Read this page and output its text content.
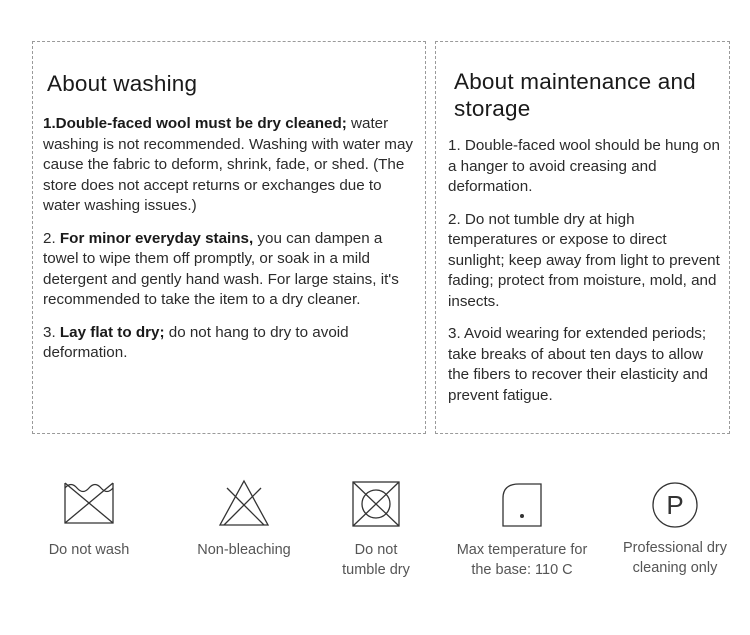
About washing
1.Double-faced wool must be dry cleaned; water washing is not recommended. Washing with water may cause the fabric to deform, shrink, fade, or shed. (The store does not accept returns or exchanges due to water washing issues.)
2. For minor everyday stains, you can dampen a towel to wipe them off promptly, or soak in a mild detergent and gently hand wash. For large stains, it's recommended to take the item to a dry cleaner.
3. Lay flat to dry; do not hang to dry to avoid deformation.
About maintenance and storage
1. Double-faced wool should be hung on a hanger to avoid creasing and deformation.
2. Do not tumble dry at high temperatures or expose to direct sunlight; keep away from light to prevent fading; protect from moisture, mold, and insects.
3. Avoid wearing for extended periods; take breaks of about ten days to allow the fibers to recover their elasticity and prevent fatigue.
Do not wash	Non-bleaching	Do not tumble dry
Max temperature for the base: 110 C
P
Professional dry cleaning only
